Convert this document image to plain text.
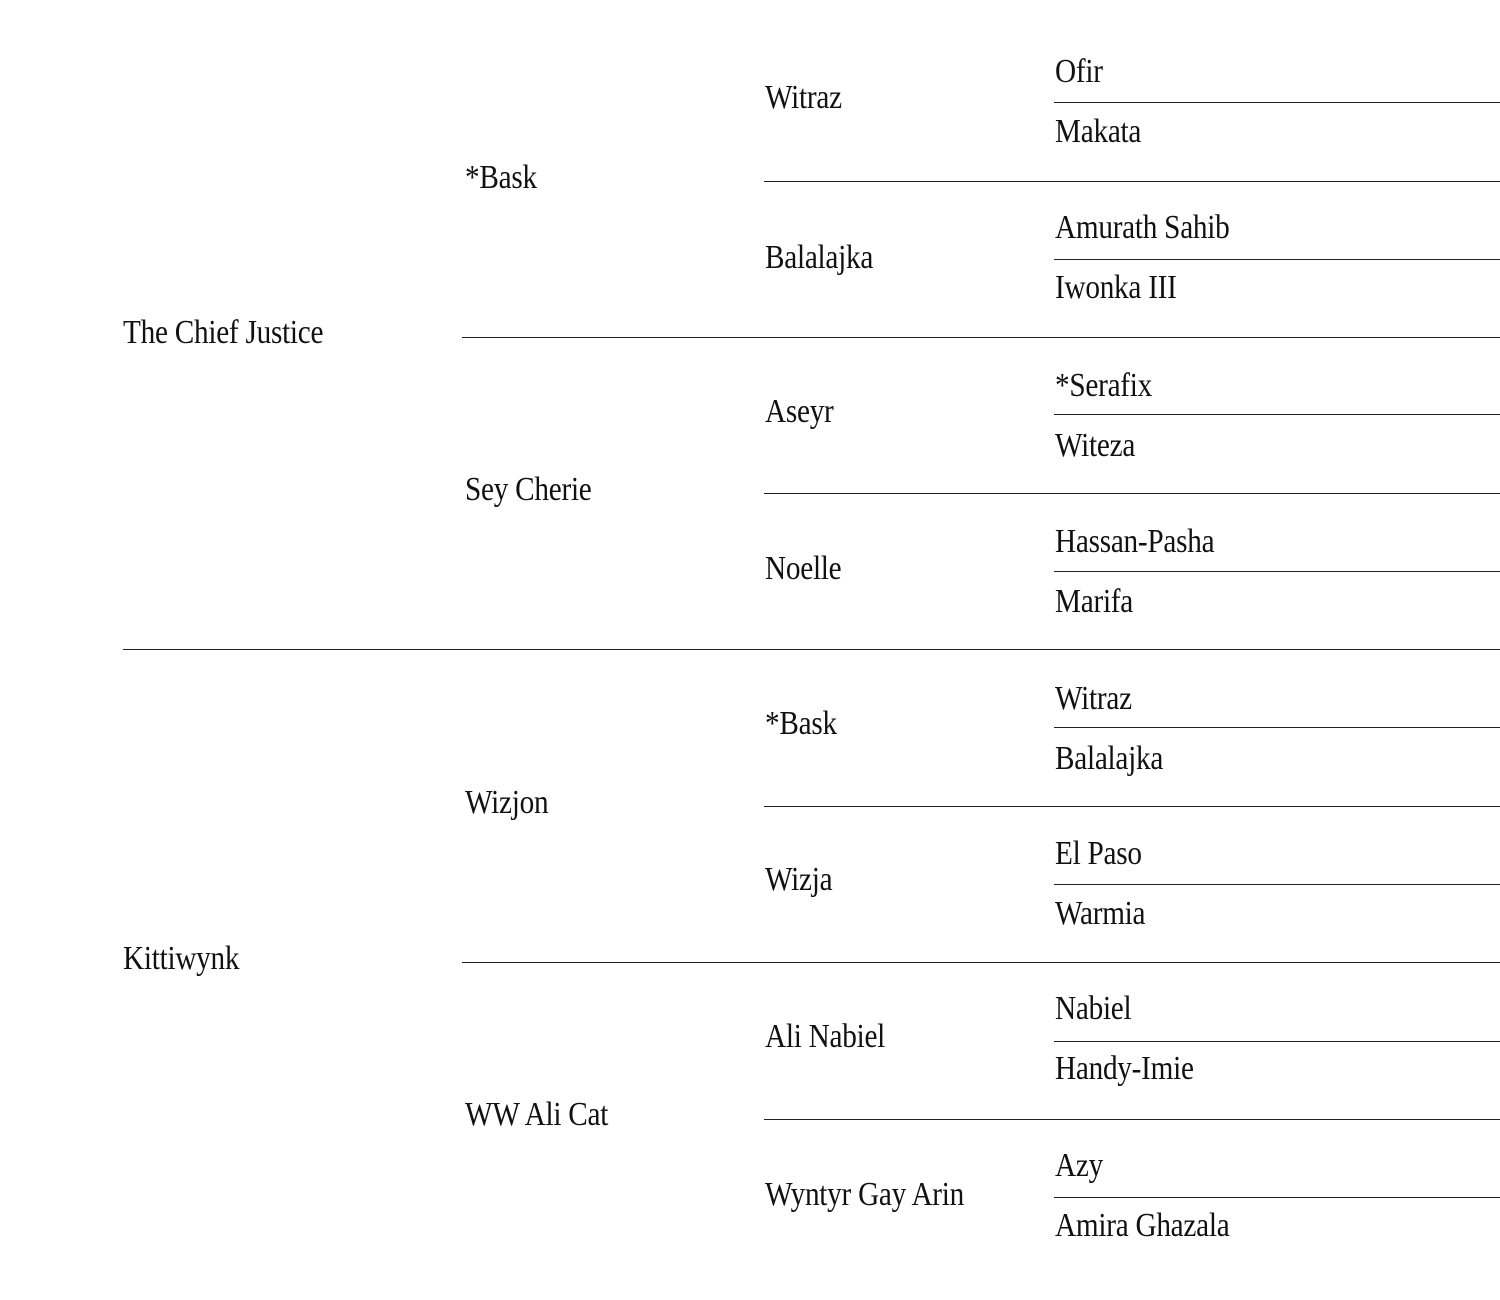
The Chief Justice
Kittiwynk
*Bask
Sey Cherie
Wizjon
WW Ali Cat
Witraz
Balalajka
Aseyr
Noelle
*Bask
Wizja
Ali Nabiel
Wyntyr Gay Arin
Ofir
Makata
Amurath Sahib
Iwonka III
*Serafix
Witeza
Hassan-Pasha
Marifa
Witraz
Balalajka
El Paso
Warmia
Nabiel
Handy-Imie
Azy
Amira Ghazala
